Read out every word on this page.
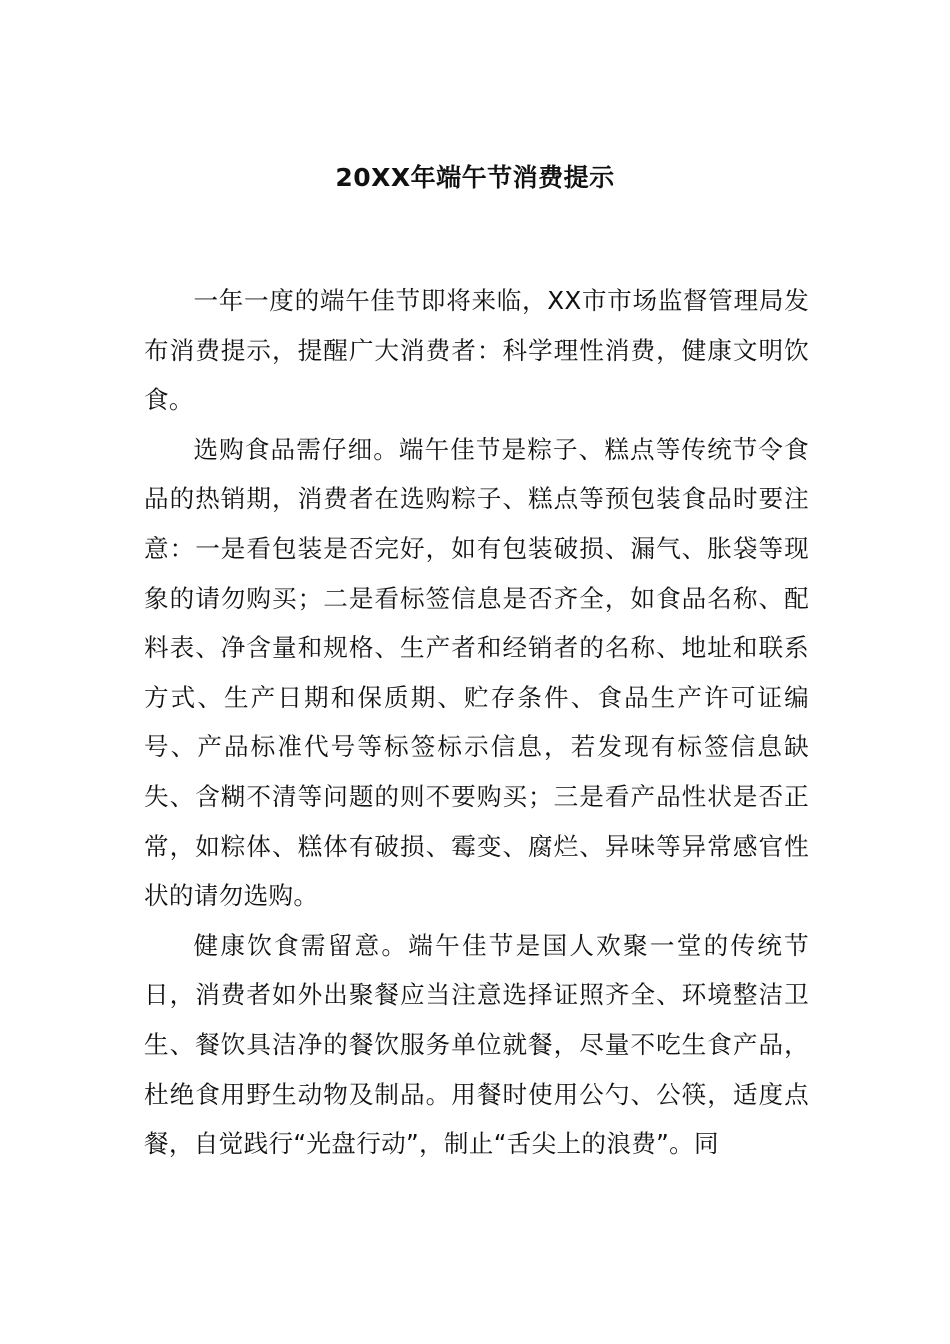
20XX年端午节消费提示

一年一度的端午佳节即将来临，XX市市场监督管理局发布消费提示，提醒广大消费者：科学理性消费，健康文明饮食。

选购食品需仔细。端午佳节是粽子、糕点等传统节令食品的热销期，消费者在选购粽子、糕点等预包装食品时要注意：一是看包装是否完好，如有包装破损、漏气、胀袋等现象的请勿购买；二是看标签信息是否齐全，如食品名称、配料表、净含量和规格、生产者和经销者的名称、地址和联系方式、生产日期和保质期、贮存条件、食品生产许可证编号、产品标准代号等标签标示信息，若发现有标签信息缺失、含糊不清等问题的则不要购买；三是看产品性状是否正常，如粽体、糕体有破损、霉变、腐烂、异味等异常感官性状的请勿选购。

健康饮食需留意。端午佳节是国人欢聚一堂的传统节日，消费者如外出聚餐应当注意选择证照齐全、环境整洁卫生、餐饮具洁净的餐饮服务单位就餐，尽量不吃生食产品，杜绝食用野生动物及制品。用餐时使用公勺、公筷，适度点餐，自觉践行“光盘行动”，制止“舌尖上的浪费”。同
